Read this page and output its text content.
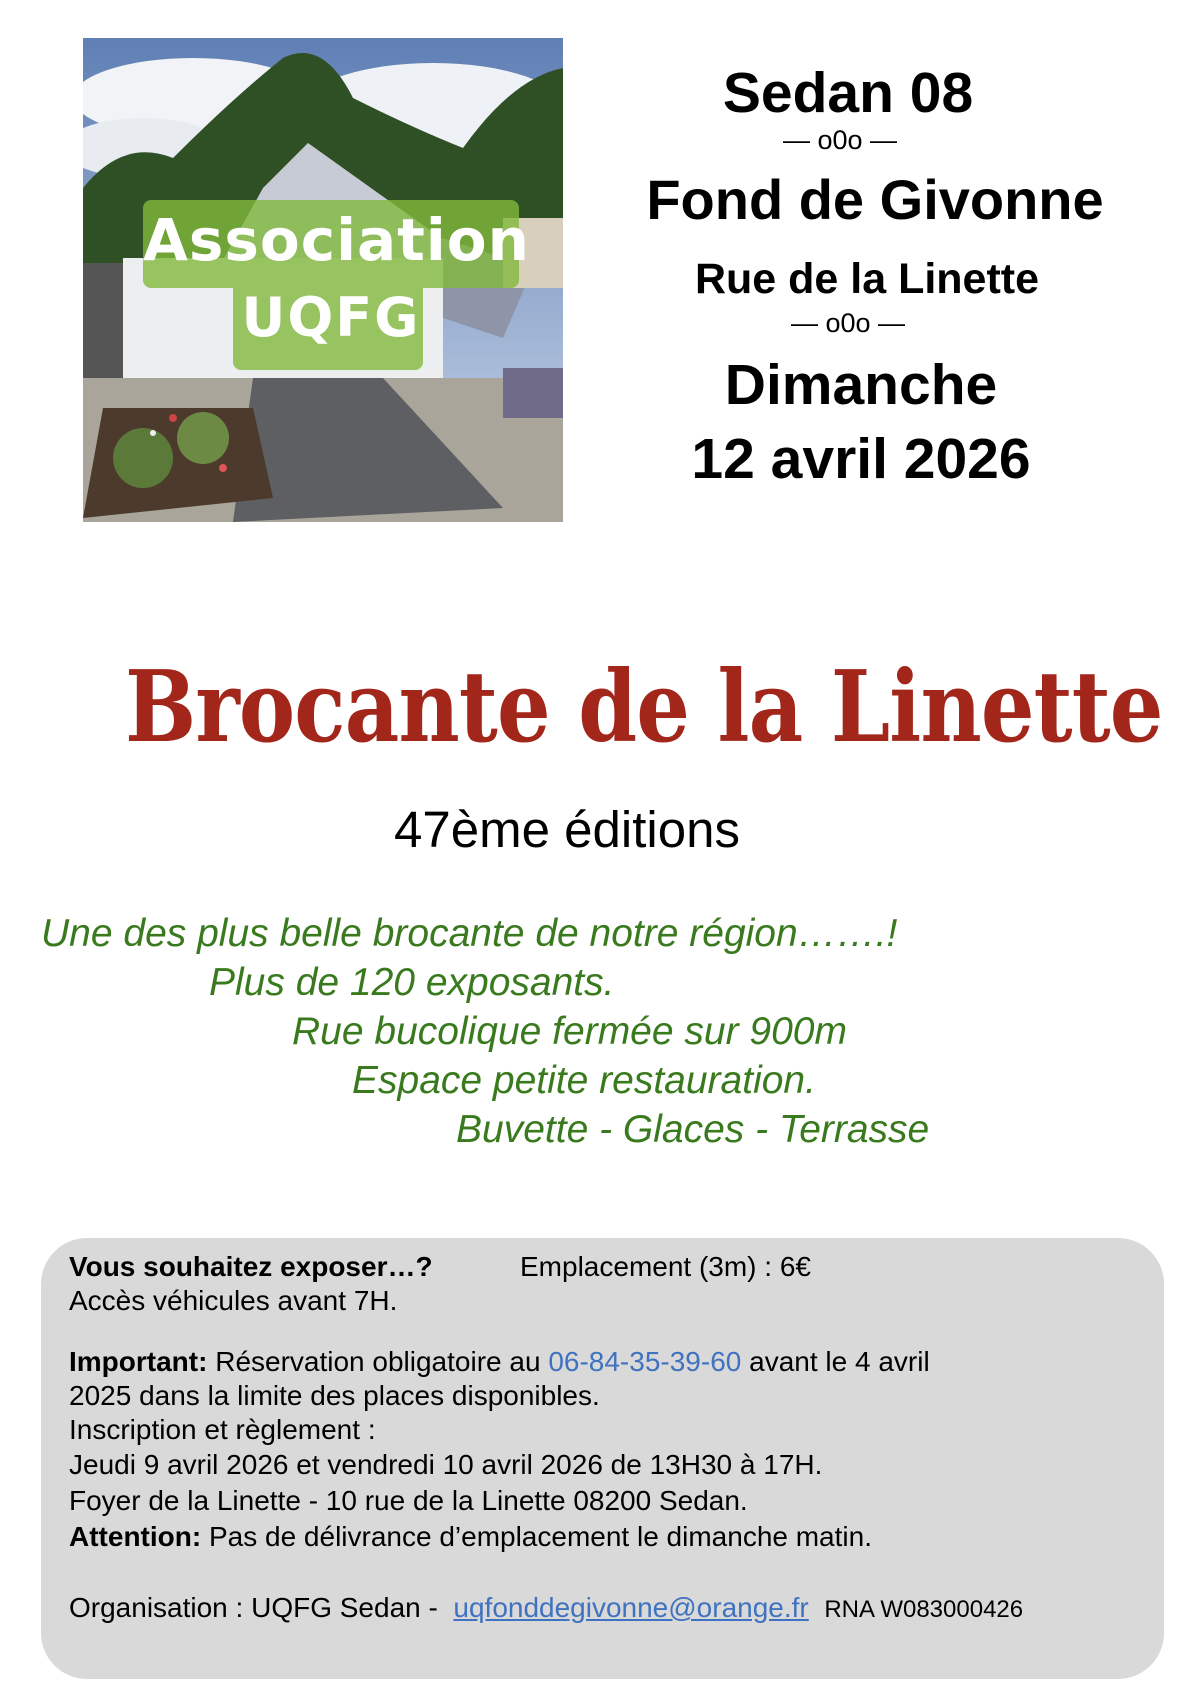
Association
UQFG
Sedan 08
— o0o —
Fond de Givonne
Rue de la Linette
— o0o —
Dimanche
12 avril 2026
Brocante de la Linette
47ème éditions
Une des plus belle brocante de notre région…….!
Plus de 120 exposants.
Rue bucolique fermée sur 900m
Espace petite restauration.
Buvette - Glaces - Terrasse
Vous souhaitez exposer…?	Emplacement (3m) : 6€
Accès véhicules avant 7H.
Important: Réservation obligatoire au 06-84-35-39-60 avant le 4 avril
2025 dans la limite des places disponibles.
Inscription et règlement :
Jeudi 9 avril 2026 et vendredi 10 avril 2026 de 13H30 à 17H.
Foyer de la Linette - 10 rue de la Linette 08200 Sedan.
Attention: Pas de délivrance d’emplacement le dimanche matin.
Organisation : UQFG Sedan -  uqfonddegivonne@orange.fr RNA W083000426
